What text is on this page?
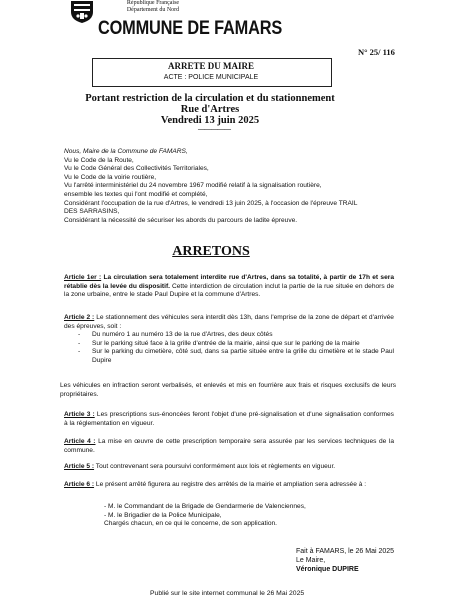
République Française
Département du Nord
COMMUNE DE FAMARS
N° 25/ 116
ARRETE DU MAIRE
ACTE : POLICE MUNICIPALE
Portant restriction de la circulation et du stationnement
Rue d'Artres
Vendredi 13 juin 2025
—————
Nous, Maire de la Commune de FAMARS,
Vu le Code de la Route,
Vu le Code Général des Collectivités Territoriales,
Vu le Code de la voirie routière,
Vu l'arrêté interministériel du 24 novembre 1967 modifié relatif à la signalisation routière,
ensemble les textes qui l'ont modifié et complété,
Considérant l'occupation de la rue d'Artres, le vendredi 13 juin 2025, à l'occasion de l'épreuve TRAIL
DES SARRASINS,
Considérant la nécessité de sécuriser les abords du parcours de ladite épreuve.
ARRETONS
Article 1er : La circulation sera totalement interdite rue d'Artres, dans sa totalité, à partir de 17h et sera rétablie dès la levée du dispositif. Cette interdiction de circulation inclut la partie de la rue située en dehors de la zone urbaine, entre le stade Paul Dupire et la commune d'Artres.
Article 2 : Le stationnement des véhicules sera interdit dès 13h, dans l'emprise de la zone de départ et d'arrivée des épreuves, soit :
- Du numéro 1 au numéro 13 de la rue d'Artres, des deux côtés
- Sur le parking situé face à la grille d'entrée de la mairie, ainsi que sur le parking de la mairie
- Sur le parking du cimetière, côté sud, dans sa partie située entre la grille du cimetière et le stade Paul Dupire
Les véhicules en infraction seront verbalisés, et enlevés et mis en fourrière aux frais et risques exclusifs de leurs propriétaires.
Article 3 : Les prescriptions sus-énoncées feront l'objet d'une pré-signalisation et d'une signalisation conformes à la réglementation en vigueur.
Article 4 : La mise en œuvre de cette prescription temporaire sera assurée par les services techniques de la commune.
Article 5 : Tout contrevenant sera poursuivi conformément aux lois et règlements en vigueur.
Article 6 : Le présent arrêté figurera au registre des arrêtés de la mairie et ampliation sera adressée à :
- M. le Commandant de la Brigade de Gendarmerie de Valenciennes,
- M. le Brigadier de la Police Municipale,
Chargés chacun, en ce qui le concerne, de son application.
Fait à FAMARS, le 26 Mai 2025
Le Maire,
Véronique DUPIRE
Publié sur le site internet communal le 26 Mai 2025
